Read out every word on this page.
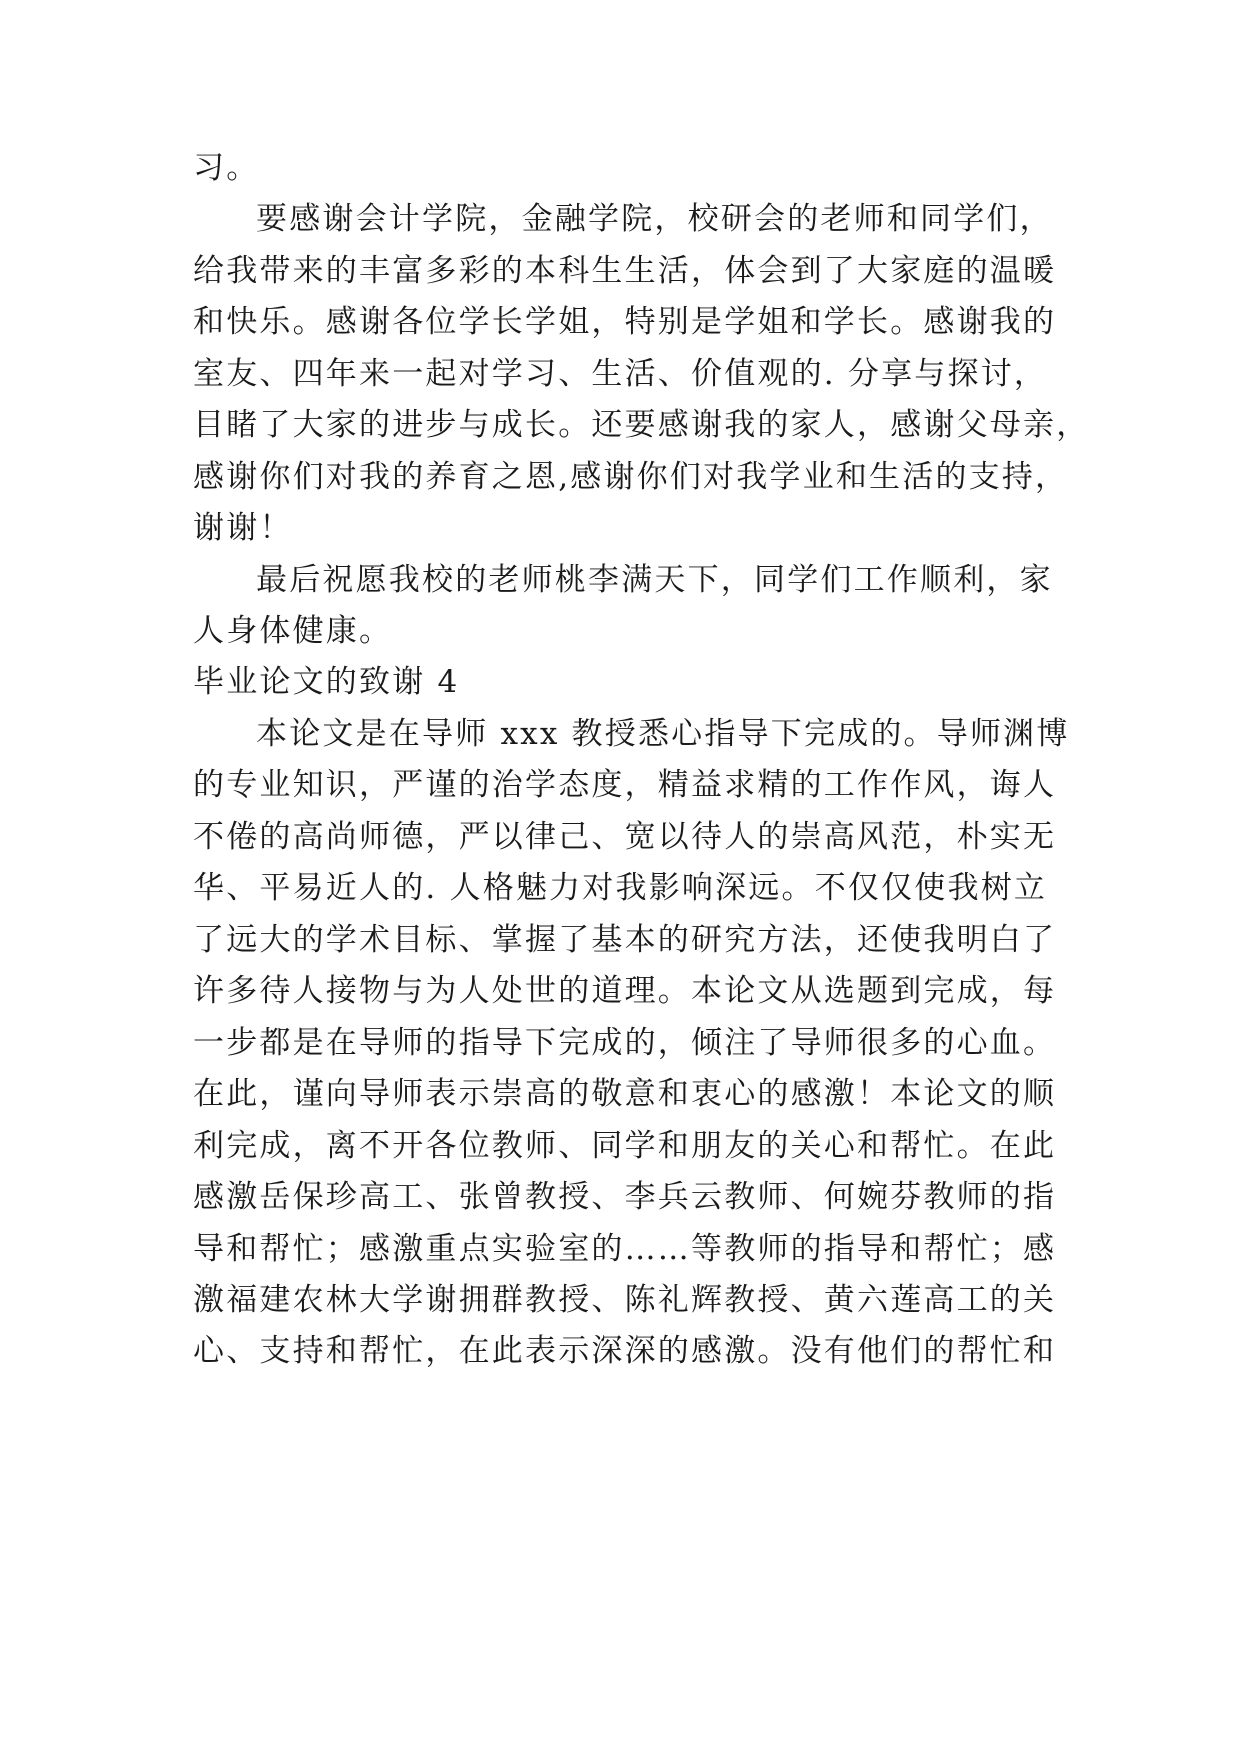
习。
要感谢会计学院，金融学院，校研会的老师和同学们，
给我带来的丰富多彩的本科生生活，体会到了大家庭的温暖
和快乐。感谢各位学长学姐，特别是学姐和学长。感谢我的
室友、四年来一起对学习、生活、价值观的. 分享与探讨，
目睹了大家的进步与成长。还要感谢我的家人，感谢父母亲，
感谢你们对我的养育之恩,感谢你们对我学业和生活的支持，
谢谢！
最后祝愿我校的老师桃李满天下，同学们工作顺利，家
人身体健康。
毕业论文的致谢 4
本论文是在导师 xxx 教授悉心指导下完成的。导师渊博
的专业知识，严谨的治学态度，精益求精的工作作风，诲人
不倦的高尚师德，严以律己、宽以待人的崇高风范，朴实无
华、平易近人的. 人格魅力对我影响深远。不仅仅使我树立
了远大的学术目标、掌握了基本的研究方法，还使我明白了
许多待人接物与为人处世的道理。本论文从选题到完成，每
一步都是在导师的指导下完成的，倾注了导师很多的心血。
在此，谨向导师表示崇高的敬意和衷心的感激！本论文的顺
利完成，离不开各位教师、同学和朋友的关心和帮忙。在此
感激岳保珍高工、张曾教授、李兵云教师、何婉芬教师的指
导和帮忙；感激重点实验室的……等教师的指导和帮忙；感
激福建农林大学谢拥群教授、陈礼辉教授、黄六莲高工的关
心、支持和帮忙，在此表示深深的感激。没有他们的帮忙和
